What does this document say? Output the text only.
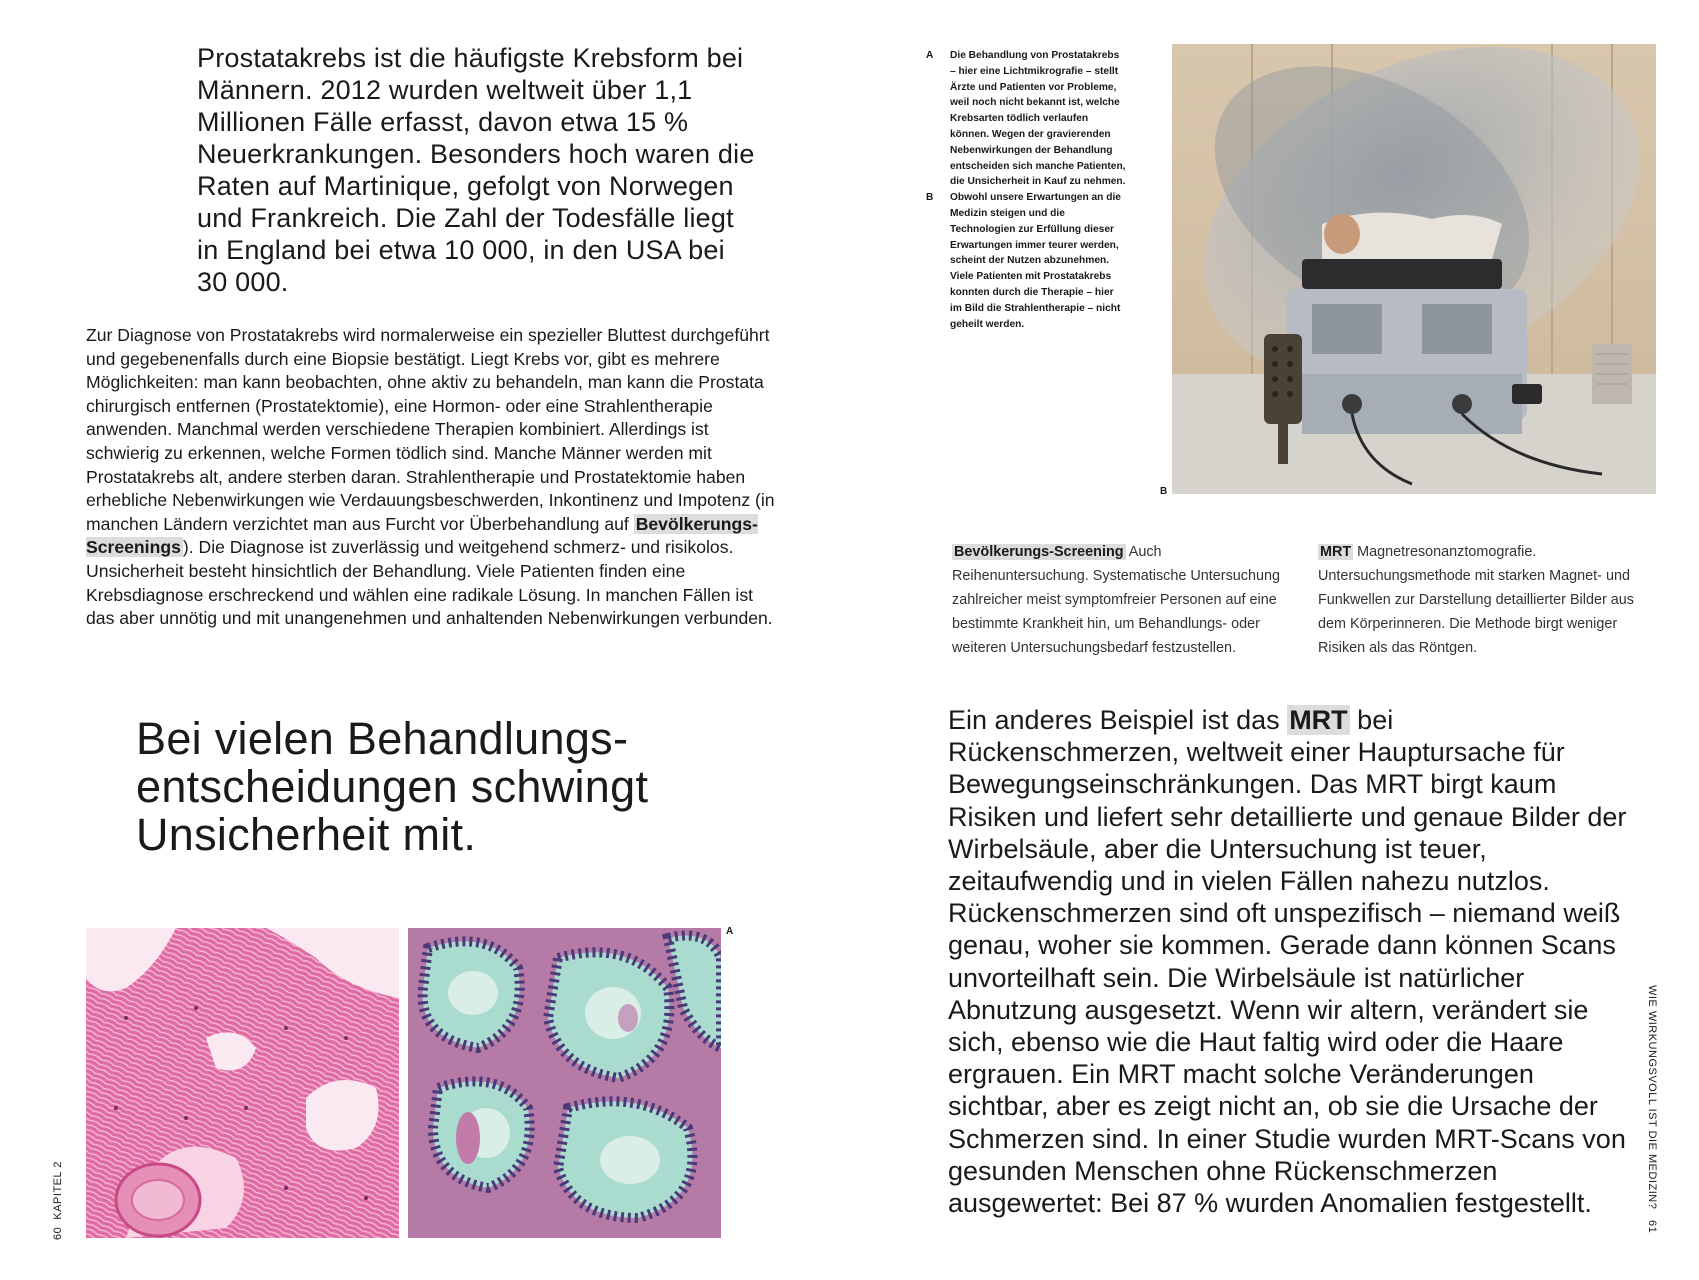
Prostatakrebs ist die häufigste Krebsform bei Männern. 2012 wurden weltweit über 1,1 Millionen Fälle erfasst, davon etwa 15 % Neuerkrankungen. Besonders hoch waren die Raten auf Martinique, gefolgt von Norwegen und Frankreich. Die Zahl der Todesfälle liegt in England bei etwa 10 000, in den USA bei 30 000.

Zur Diagnose von Prostatakrebs wird normalerweise ein spezieller Bluttest durchgeführt und gegebenenfalls durch eine Biopsie bestätigt. Liegt Krebs vor, gibt es mehrere Möglichkeiten: man kann beobachten, ohne aktiv zu behandeln, man kann die Prostata chirurgisch entfernen (Prostatektomie), eine Hormon- oder eine Strahlentherapie anwenden. Manchmal werden verschiedene Therapien kombiniert. Allerdings ist schwierig zu erkennen, welche Formen tödlich sind. Manche Männer werden mit Prostatakrebs alt, andere sterben daran. Strahlentherapie und Prostatektomie haben erhebliche Nebenwirkungen wie Verdauungsbeschwerden, Inkontinenz und Impotenz (in manchen Ländern verzichtet man aus Furcht vor Überbehandlung auf Bevölkerungs-Screenings ). Die Diagnose ist zuverlässig und weitgehend schmerz- und risikolos. Unsicherheit besteht hinsichtlich der Behandlung. Viele Patienten finden eine Krebsdiagnose erschreckend und wählen eine radikale Lösung. In manchen Fällen ist das aber unnötig und mit unangenehmen und anhaltenden Nebenwirkungen verbunden.
Bei vielen Behandlungs-entscheidungen schwingt Unsicherheit mit.
A
60  KAPITEL 2
A	Die Behandlung von Prostatakrebs – hier eine Lichtmikrografie – stellt Ärzte und Patienten vor Probleme, weil noch nicht bekannt ist, welche Krebsarten tödlich verlaufen können. Wegen der gravierenden Nebenwirkungen der Behandlung entscheiden sich manche Patienten, die Unsicherheit in Kauf zu nehmen.
B	Obwohl unsere Erwartungen an die Medizin steigen und die Technologien zur Erfüllung dieser Erwartungen immer teurer werden, scheint der Nutzen abzunehmen. Viele Patienten mit Prostatakrebs konnten durch die Therapie – hier im Bild die Strahlentherapie – nicht geheilt werden.
B
Bevölkerungs-Screening Auch Reihenuntersuchung. Systematische Untersuchung zahlreicher meist symptomfreier Personen auf eine bestimmte Krankheit hin, um Behandlungs- oder weiteren Untersuchungsbedarf festzustellen.
MRT Magnetresonanztomografie. Untersuchungsmethode mit starken Magnet- und Funkwellen zur Darstellung detaillierter Bilder aus dem Körperinneren. Die Methode birgt weniger Risiken als das Röntgen.
Ein anderes Beispiel ist das MRT bei Rückenschmerzen, weltweit einer Hauptursache für Bewegungseinschränkungen. Das MRT birgt kaum Risiken und liefert sehr detaillierte und genaue Bilder der Wirbelsäule, aber die Untersuchung ist teuer, zeitaufwendig und in vielen Fällen nahezu nutzlos. Rückenschmerzen sind oft unspezifisch – niemand weiß genau, woher sie kommen. Gerade dann können Scans unvorteilhaft sein. Die Wirbelsäule ist natürlicher Abnutzung ausgesetzt. Wenn wir altern, verändert sie sich, ebenso wie die Haut faltig wird oder die Haare ergrauen. Ein MRT macht solche Veränderungen sichtbar, aber es zeigt nicht an, ob sie die Ursache der Schmerzen sind. In einer Studie wurden MRT-Scans von gesunden Menschen ohne Rückenschmerzen ausgewertet: Bei 87 % wurden Anomalien festgestellt.	WIE WIRKUNGSVOLL IST DIE MEDIZIN?   61
